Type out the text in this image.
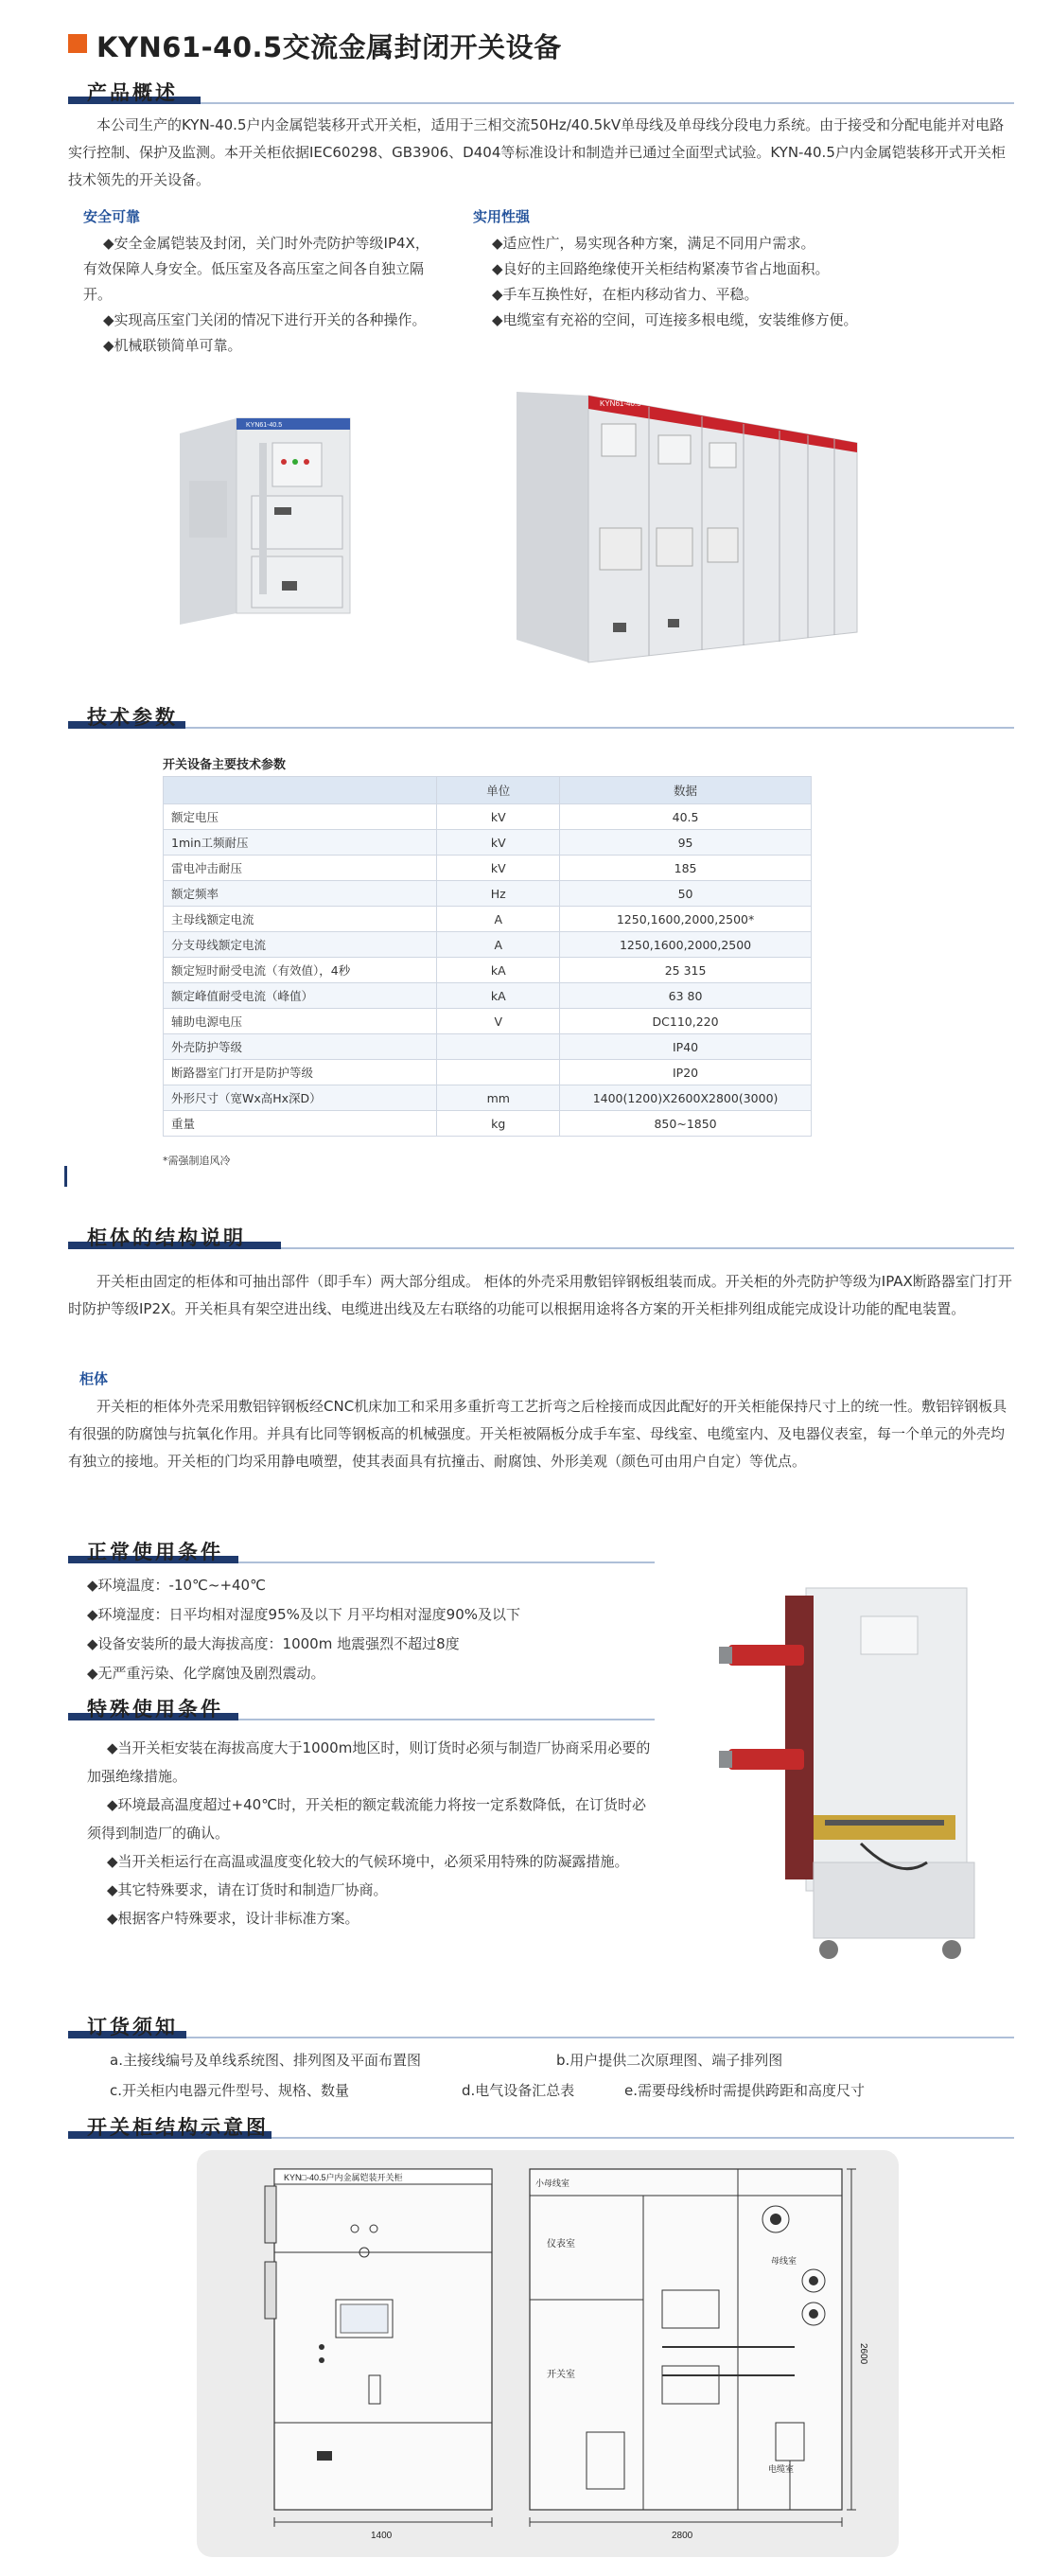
KYN61-40.5交流金属封闭开关设备
产品概述

本公司生产的KYN-40.5户内金属铠装移开式开关柜，适用于三相交流50Hz/40.5kV单母线及单母线分段电力系统。由于接受和分配电能并对电路实行控制、保护及监测。本开关柜依据IEC60298、GB3906、D404等标准设计和制造并已通过全面型式试验。KYN-40.5户内金属铠装移开式开关柜技术领先的开关设备。

安全可靠

◆安全金属铠装及封闭，关门时外壳防护等级IP4X，有效保障人身安全。低压室及各高压室之间各自独立隔开。

◆实现高压室门关闭的情况下进行开关的各种操作。

◆机械联锁简单可靠。

实用性强
◆适应性广，易实现各种方案，满足不同用户需求。
◆良好的主回路绝缘使开关柜结构紧凑节省占地面积。
◆手车互换性好，在柜内移动省力、平稳。
◆电缆室有充裕的空间，可连接多根电缆，安装维修方便。
KYN61-40.5
KYN61-40.5
技术参数
开关设备主要技术参数
	单位	数据
额定电压	kV	40.5
1min工频耐压	kV	95
雷电冲击耐压	kV	185
额定频率	Hz	50
主母线额定电流	A	1250,1600,2000,2500*
分支母线额定电流	A	1250,1600,2000,2500
额定短时耐受电流（有效值），4秒	kA	25 315
额定峰值耐受电流（峰值）	kA	63 80
辅助电源电压	V	DC110,220
外壳防护等级		IP40
断路器室门打开是防护等级		IP20
外形尺寸（宽Wx高Hx深D）	mm	1400(1200)X2600X2800(3000)
重量	kg	850~1850
*需强制追风冷
柜体的结构说明

开关柜由固定的柜体和可抽出部件（即手车）两大部分组成。 柜体的外壳采用敷铝锌钢板组装而成。开关柜的外壳防护等级为IPAX断路器室门打开时防护等级IP2X。开关柜具有架空进出线、电缆进出线及左右联络的功能可以根据用途将各方案的开关柜排列组成能完成设计功能的配电装置。

柜体

开关柜的柜体外壳采用敷铝锌钢板经CNC机床加工和采用多重折弯工艺折弯之后栓接而成因此配好的开关柜能保持尺寸上的统一性。敷铝锌钢板具有很强的防腐蚀与抗氧化作用。并具有比同等钢板高的机械强度。开关柜被隔板分成手车室、母线室、电缆室内、及电器仪表室，每一个单元的外壳均有独立的接地。开关柜的门均采用静电喷塑，使其表面具有抗撞击、耐腐蚀、外形美观（颜色可由用户自定）等优点。

正常使用条件
◆环境温度：-10℃~+40℃
◆环境湿度：日平均相对湿度95%及以下 月平均相对湿度90%及以下
◆设备安装所的最大海拔高度：1000m 地震强烈不超过8度
◆无严重污染、化学腐蚀及剧烈震动。
特殊使用条件

◆当开关柜安装在海拔高度大于1000m地区时，则订货时必须与制造厂协商采用必要的加强绝缘措施。

◆环境最高温度超过+40℃时，开关柜的额定载流能力将按一定系数降低，在订货时必须得到制造厂的确认。

◆当开关柜运行在高温或温度变化较大的气候环境中，必须采用特殊的防凝露措施。

◆其它特殊要求，请在订货时和制造厂协商。

◆根据客户特殊要求，设计非标准方案。

订货须知
a.主接线编号及单线系统图、排列图及平面布置图	b.用户提供二次原理图、端子排列图
c.开关柜内电器元件型号、规格、数量	d.电气设备汇总表	e.需要母线桥时需提供跨距和高度尺寸
开关柜结构示意图
KYN□-40.5户内金属铠装开关柜
1400
小母线室
仪表室
开关室
母线室
电缆室
2600
2800
